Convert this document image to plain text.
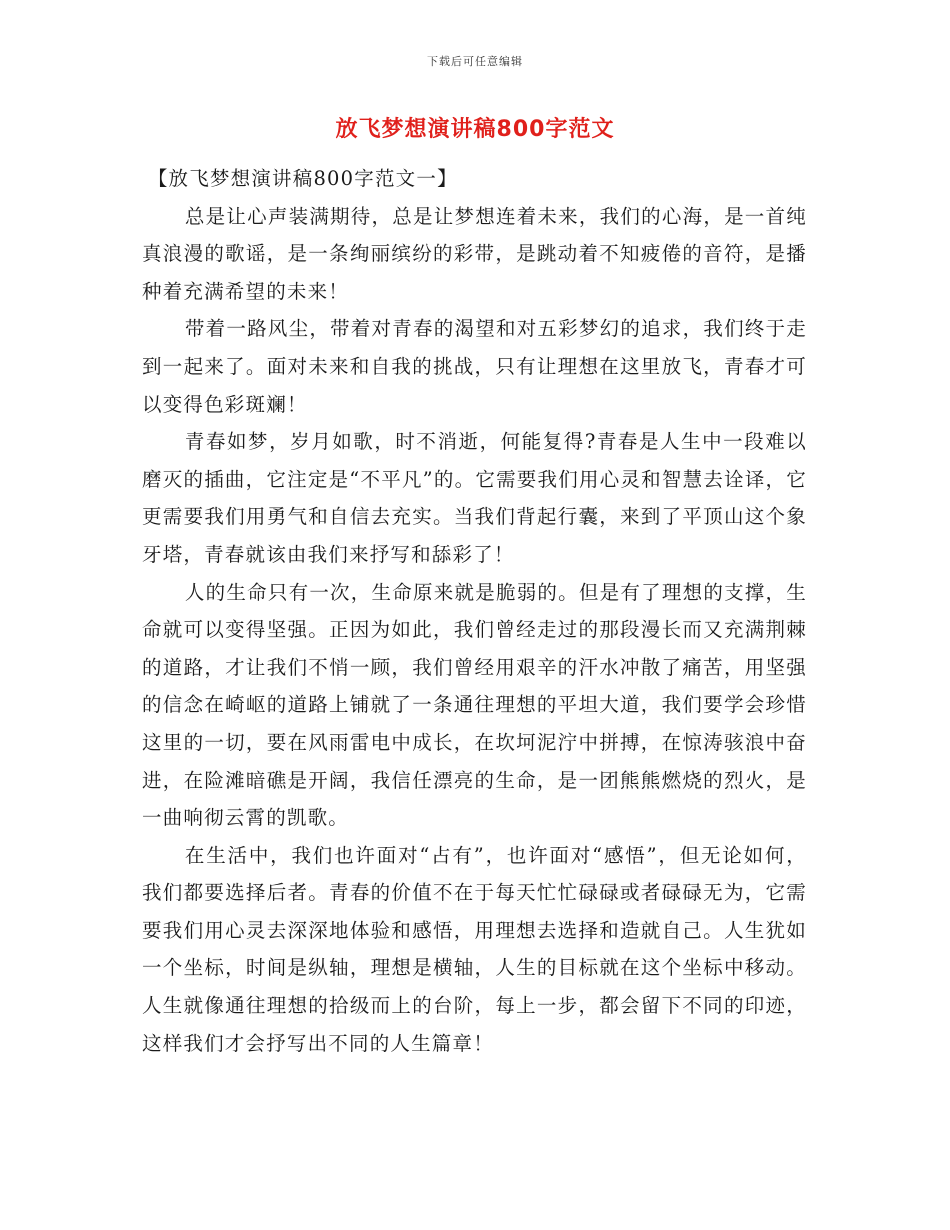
下载后可任意编辑
放飞梦想演讲稿800字范文

【放飞梦想演讲稿800字范文一】

总是让心声装满期待，总是让梦想连着未来，我们的心海，是一首纯真浪漫的歌谣，是一条绚丽缤纷的彩带，是跳动着不知疲倦的音符，是播种着充满希望的未来！

带着一路风尘，带着对青春的渴望和对五彩梦幻的追求，我们终于走到一起来了。面对未来和自我的挑战，只有让理想在这里放飞，青春才可以变得色彩斑斓！

青春如梦，岁月如歌，时不消逝，何能复得?青春是人生中一段难以磨灭的插曲，它注定是“不平凡”的。它需要我们用心灵和智慧去诠译，它更需要我们用勇气和自信去充实。当我们背起行囊，来到了平顶山这个象牙塔，青春就该由我们来抒写和舔彩了！

人的生命只有一次，生命原来就是脆弱的。但是有了理想的支撑，生命就可以变得坚强。正因为如此，我们曾经走过的那段漫长而又充满荆棘的道路，才让我们不悄一顾，我们曾经用艰辛的汗水冲散了痛苦，用坚强的信念在崎岖的道路上铺就了一条通往理想的平坦大道，我们要学会珍惜这里的一切，要在风雨雷电中成长，在坎坷泥泞中拼搏，在惊涛骇浪中奋进，在险滩暗礁是开阔，我信任漂亮的生命，是一团熊熊燃烧的烈火，是一曲响彻云霄的凯歌。

在生活中，我们也许面对“占有”，也许面对“感悟”，但无论如何，我们都要选择后者。青春的价值不在于每天忙忙碌碌或者碌碌无为，它需要我们用心灵去深深地体验和感悟，用理想去选择和造就自己。人生犹如一个坐标，时间是纵轴，理想是横轴，人生的目标就在这个坐标中移动。人生就像通往理想的拾级而上的台阶，每上一步，都会留下不同的印迹，这样我们才会抒写出不同的人生篇章！
